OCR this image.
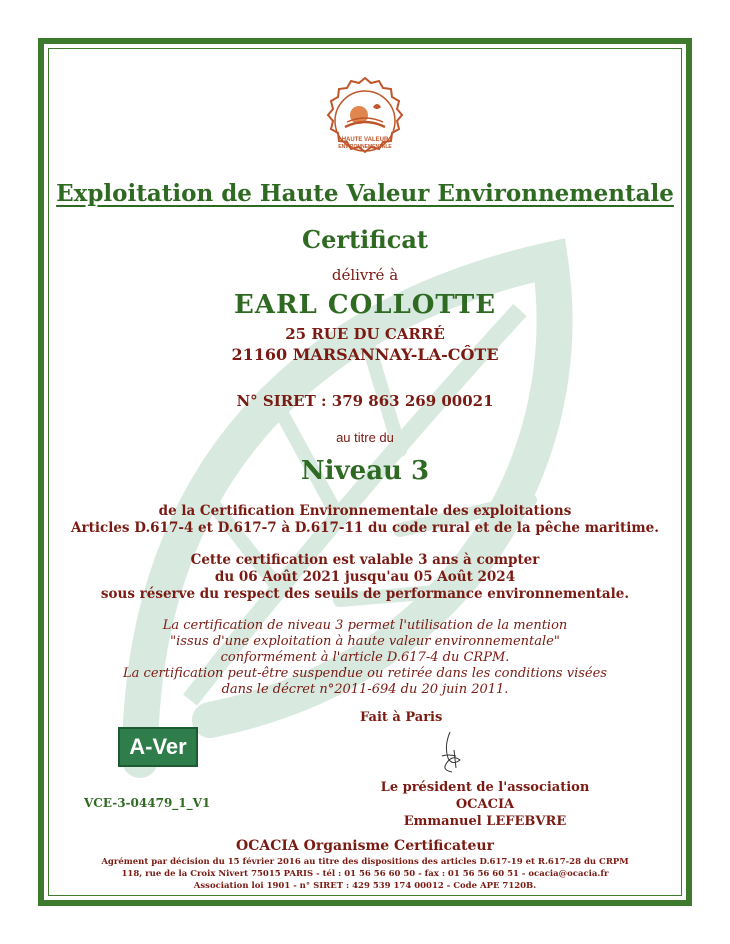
HAUTE VALEUR
ENVIRONNEMENTALE
Exploitation de Haute Valeur Environnementale
Certificat
délivré à
EARL COLLOTTE
25 RUE DU CARRÉ
21160 MARSANNAY-LA-CÔTE
N° SIRET : 379 863 269 00021
au titre du
Niveau 3
de la Certification Environnementale des exploitations
Articles D.617-4 et D.617-7 à D.617-11 du code rural et de la pêche maritime.
Cette certification est valable 3 ans à compter
du 06 Août 2021 jusqu'au 05 Août 2024
sous réserve du respect des seuils de performance environnementale.
La certification de niveau 3 permet l'utilisation de la mention
"issus d'une exploitation à haute valeur environnementale"
conformément à l'article D.617-4 du CRPM.
La certification peut-être suspendue ou retirée dans les conditions visées
dans le décret n°2011-694 du 20 juin 2011.
Fait à Paris
A-Ver
Le président de l'association OCACIA
Emmanuel LEFEBVRE
VCE-3-04479_1_V1
OCACIA Organisme Certificateur
Agrément par décision du 15 février 2016 au titre des dispositions des articles D.617-19 et R.617-28 du CRPM
118, rue de la Croix Nivert 75015 PARIS - tél : 01 56 56 60 50 - fax : 01 56 56 60 51 - ocacia@ocacia.fr
Association loi 1901 - n° SIRET : 429 539 174 00012 - Code APE 7120B.
